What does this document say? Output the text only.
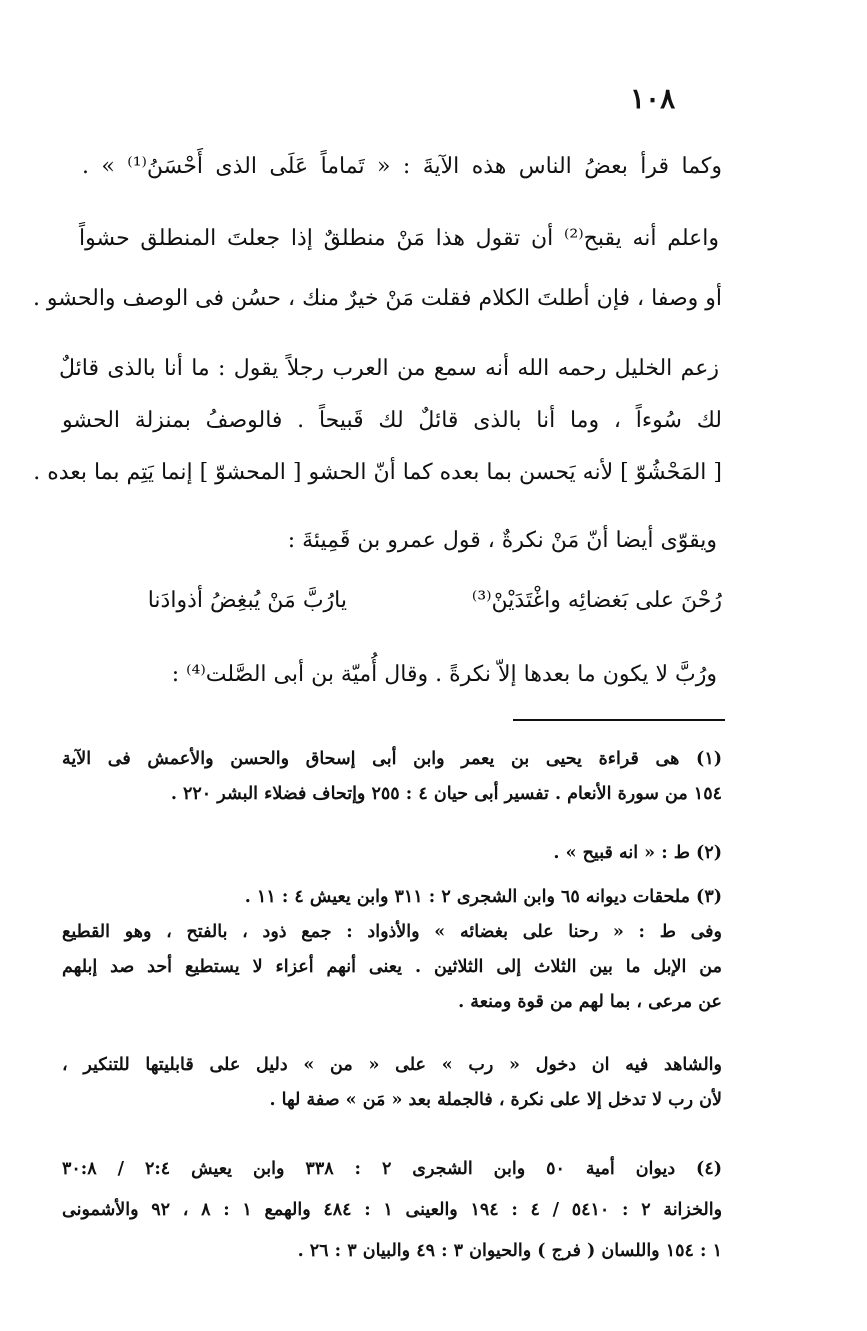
١٠٨
وكما قرأ بعضُ الناس هذه الآيةَ : « تَماماً عَلَى الذى أَحْسَنُ⁽¹⁾ » .
واعلم أنه يقبح⁽²⁾ أن تقول هذا مَنْ منطلقٌ إذا جعلتَ المنطلق حشواً
أو وصفا ، فإن أطلتَ الكلام فقلت مَنْ خيرٌ منك ، حسُن فى الوصف والحشو .
زعم الخليل رحمه الله أنه سمع من العرب رجلاً يقول : ما أنا بالذى قائلٌ
لك سُوءاً ، وما أنا بالذى قائلٌ لك قَبيحاً . فالوصفُ بمنزلة الحشو
[ المَحْشُوّ ] لأنه يَحسن بما بعده كما أنّ الحشو [ المحشوّ ] إنما يَتِم بما بعده .
ويقوّى أيضا أنّ مَنْ نكرةٌ ، قول عمرو بن قَمِيئةَ :
يارُبَّ مَنْ يُبغِضُ أذوادَنا	رُحْنَ على بَغضائِه واغْتَدَيْنْ⁽³⁾
ورُبَّ لا يكون ما بعدها إلاّ نكرةً . وقال أُميّة بن أبى الصَّلت⁽⁴⁾ :
(١) هى قراءة يحيى بن يعمر وابن أبى إسحاق والحسن والأعمش فى الآية
١٥٤ من سورة الأنعام . تفسير أبى حيان ٤ : ٢٥٥ وإتحاف فضلاء البشر ٢٢٠ .
(٢) ط : « انه قبيح » .
(٣) ملحقات ديوانه ٦٥ وابن الشجرى ٢ : ٣١١ وابن يعيش ٤ : ١١ .
وفى ط : « رحنا على بغضائه » والأذواد : جمع ذود ، بالفتح ، وهو القطيع
من الإبل ما بين الثلاث إلى الثلاثين . يعنى أنهم أعزاء لا يستطيع أحد صد إبلهم
عن مرعى ، بما لهم من قوة ومنعة .
والشاهد فيه ان دخول « رب » على « من » دليل على قابليتها للتنكير ،
لأن رب لا تدخل إلا على نكرة ، فالجملة بعد « مَن » صفة لها .
(٤) ديوان أمية ٥٠ وابن الشجرى ٢ : ٣٣٨ وابن يعيش ٢:٤ / ٣٠:٨
والخزانة ٢ : ٥٤١٠ / ٤ : ١٩٤ والعينى ١ : ٤٨٤ والهمع ١ : ٨ ، ٩٢ والأشمونى
١ : ١٥٤ واللسان ( فرج ) والحيوان ٣ : ٤٩ والبيان ٣ : ٢٦ .
